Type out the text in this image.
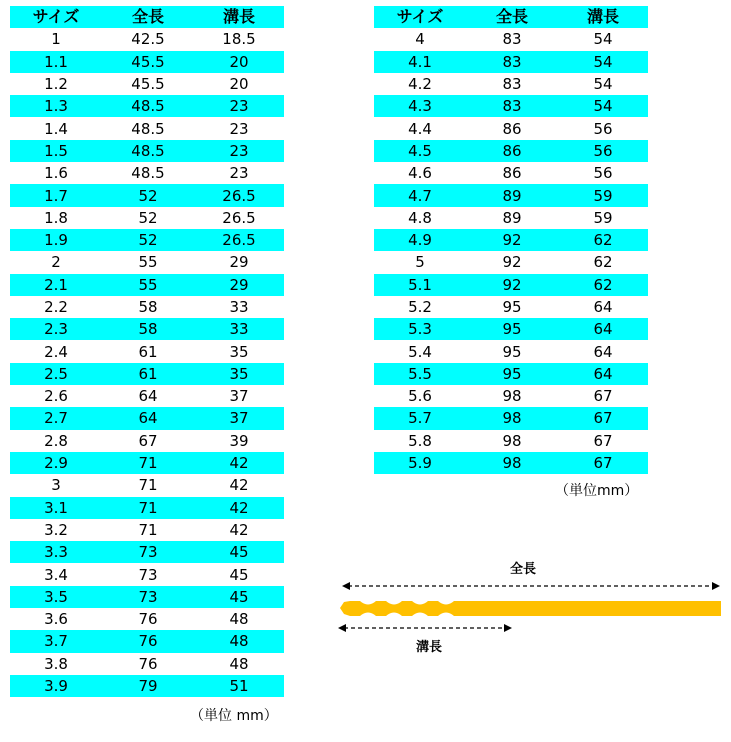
サイズ	全長	溝長
1	42.5	18.5
1.1	45.5	20
1.2	45.5	20
1.3	48.5	23
1.4	48.5	23
1.5	48.5	23
1.6	48.5	23
1.7	52	26.5
1.8	52	26.5
1.9	52	26.5
2	55	29
2.1	55	29
2.2	58	33
2.3	58	33
2.4	61	35
2.5	61	35
2.6	64	37
2.7	64	37
2.8	67	39
2.9	71	42
3	71	42
3.1	71	42
3.2	71	42
3.3	73	45
3.4	73	45
3.5	73	45
3.6	76	48
3.7	76	48
3.8	76	48
3.9	79	51
サイズ	全長	溝長
4	83	54
4.1	83	54
4.2	83	54
4.3	83	54
4.4	86	56
4.5	86	56
4.6	86	56
4.7	89	59
4.8	89	59
4.9	92	62
5	92	62
5.1	92	62
5.2	95	64
5.3	95	64
5.4	95	64
5.5	95	64
5.6	98	67
5.7	98	67
5.8	98	67
5.9	98	67
（単位 mm）
（単位mm）
全長
溝長
